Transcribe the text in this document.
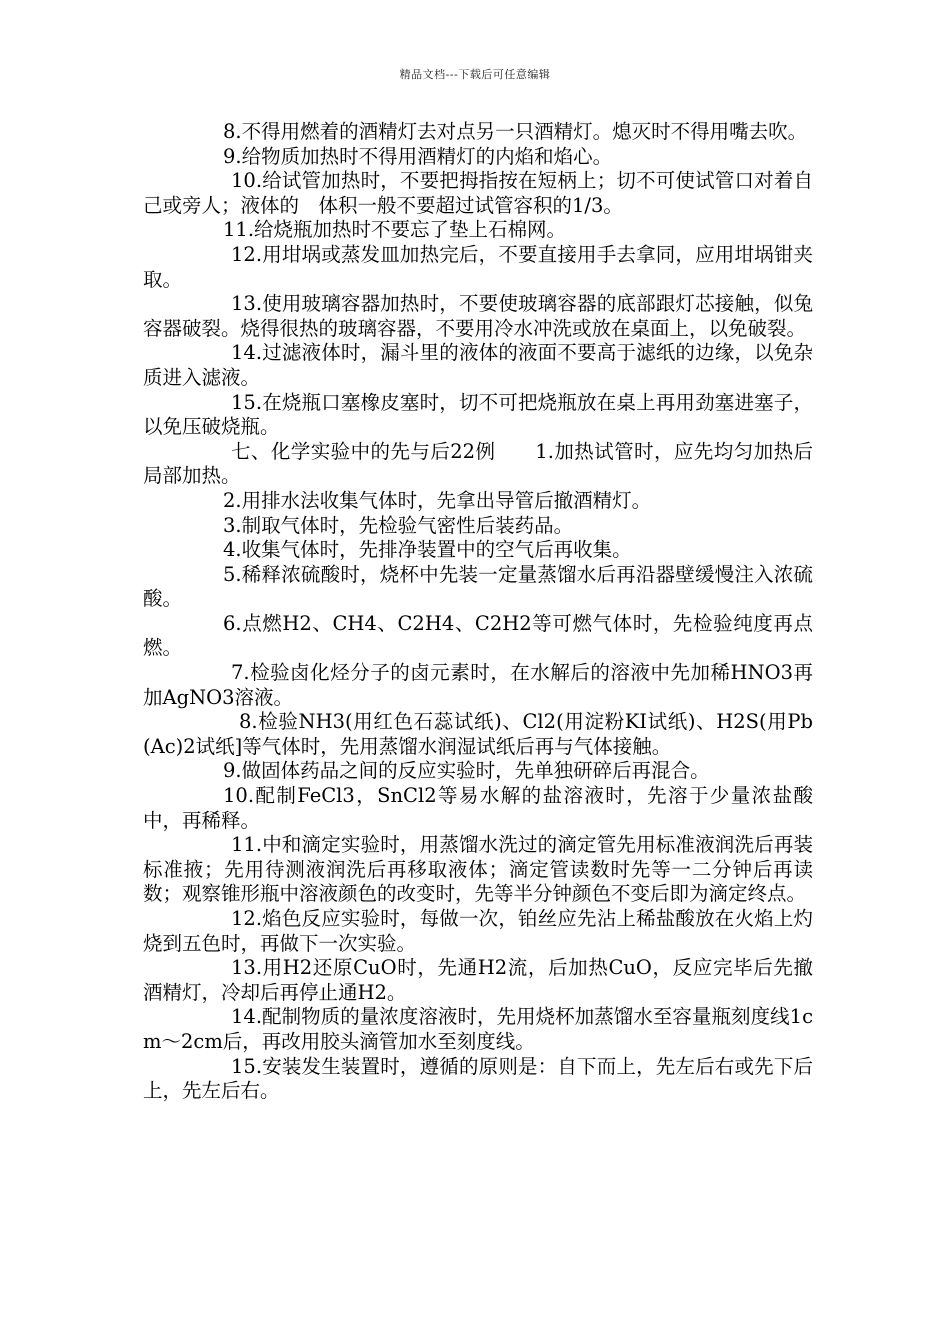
精品文档---下载后可任意编辑

8.不得用燃着的酒精灯去对点另一只酒精灯。熄灭时不得用嘴去吹。

9.给物质加热时不得用酒精灯的内焰和焰心。

10.给试管加热时，不要把拇指按在短柄上；切不可使试管口对着自己或旁人；液体的　体积一般不要超过试管容积的1/3。

11.给烧瓶加热时不要忘了垫上石棉网。

12.用坩埚或蒸发皿加热完后，不要直接用手去拿同，应用坩埚钳夹取。

13.使用玻璃容器加热时，不要使玻璃容器的底部跟灯芯接触，似兔容器破裂。烧得很热的玻璃容器，不要用冷水冲洗或放在桌面上，以免破裂。

14.过滤液体时，漏斗里的液体的液面不要高于滤纸的边缘，以免杂质进入滤液。

15.在烧瓶口塞橡皮塞时，切不可把烧瓶放在桌上再用劲塞进塞子，以免压破烧瓶。

七、化学实验中的先与后22例　　1.加热试管时，应先均匀加热后局部加热。

2.用排水法收集气体时，先拿出导管后撤酒精灯。

3.制取气体时，先检验气密性后装药品。

4.收集气体时，先排净装置中的空气后再收集。

5.稀释浓硫酸时，烧杯中先装一定量蒸馏水后再沿器壁缓慢注入浓硫酸。

6.点燃H2、CH4、C2H4、C2H2等可燃气体时，先检验纯度再点燃。

7.检验卤化烃分子的卤元素时，在水解后的溶液中先加稀HNO3再加AgNO3溶液。

8.检验NH3(用红色石蕊试纸)、Cl2(用淀粉KI试纸)、H2S(用Pb(Ac)2试纸]等气体时，先用蒸馏水润湿试纸后再与气体接触。

9.做固体药品之间的反应实验时，先单独研碎后再混合。

10.配制FeCl3，SnCl2等易水解的盐溶液时，先溶于少量浓盐酸中，再稀释。

11.中和滴定实验时，用蒸馏水洗过的滴定管先用标准液润洗后再装标准掖；先用待测液润洗后再移取液体；滴定管读数时先等一二分钟后再读数；观察锥形瓶中溶液颜色的改变时，先等半分钟颜色不变后即为滴定终点。

12.焰色反应实验时，每做一次，铂丝应先沾上稀盐酸放在火焰上灼烧到五色时，再做下一次实验。

13.用H2还原CuO时，先通H2流，后加热CuO，反应完毕后先撤酒精灯，冷却后再停止通H2。

14.配制物质的量浓度溶液时，先用烧杯加蒸馏水至容量瓶刻度线1cm～2cm后，再改用胶头滴管加水至刻度线。

15.安装发生装置时，遵循的原则是：自下而上，先左后右或先下后上，先左后右。
